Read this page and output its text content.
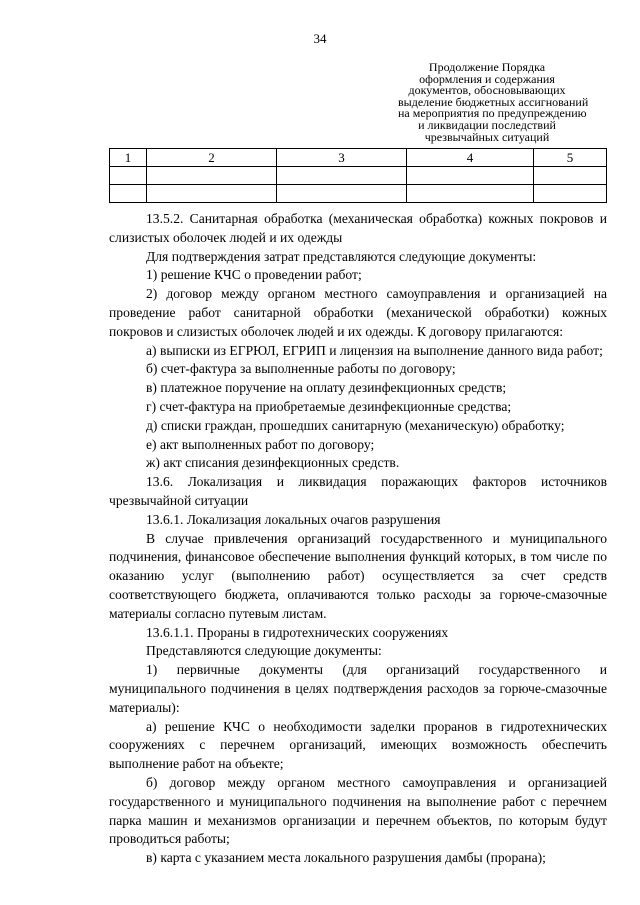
34
Продолжение Порядка
оформления и содержания
документов, обосновывающих
выделение бюджетных ассигнований
на мероприятия по предупреждению
и ликвидации последствий
чрезвычайных ситуаций
1	2	3	4	5

13.5.2. Санитарная обработка (механическая обработка) кожных покровов и слизистых оболочек людей и их одежды

Для подтверждения затрат представляются следующие документы:

1) решение КЧС о проведении работ;

2) договор между органом местного самоуправления и организацией на проведение работ санитарной обработки (механической обработки) кожных покровов и слизистых оболочек людей и их одежды. К договору прилагаются:

а) выписки из ЕГРЮЛ, ЕГРИП и лицензия на выполнение данного вида работ;

б) счет-фактура за выполненные работы по договору;

в) платежное поручение на оплату дезинфекционных средств;

г) счет-фактура на приобретаемые дезинфекционные средства;

д) списки граждан, прошедших санитарную (механическую) обработку;

е) акт выполненных работ по договору;

ж) акт списания дезинфекционных средств.

13.6. Локализация и ликвидация поражающих факторов источников чрезвычайной ситуации

13.6.1. Локализация локальных очагов разрушения

В случае привлечения организаций государственного и муниципального подчинения, финансовое обеспечение выполнения функций которых, в том числе по оказанию услуг (выполнению работ) осуществляется за счет средств соответствующего бюджета, оплачиваются только расходы за горюче-смазочные материалы согласно путевым листам.

13.6.1.1. Прораны в гидротехнических сооружениях

Представляются следующие документы:

1) первичные документы (для организаций государственного и муниципального подчинения в целях подтверждения расходов за горюче-смазочные материалы):

а) решение КЧС о необходимости заделки проранов в гидротехнических сооружениях с перечнем организаций, имеющих возможность обеспечить выполнение работ на объекте;

б) договор между органом местного самоуправления и организацией государственного и муниципального подчинения на выполнение работ с перечнем парка машин и механизмов организации и перечнем объектов, по которым будут проводиться работы;

в) карта с указанием места локального разрушения дамбы (прорана);
